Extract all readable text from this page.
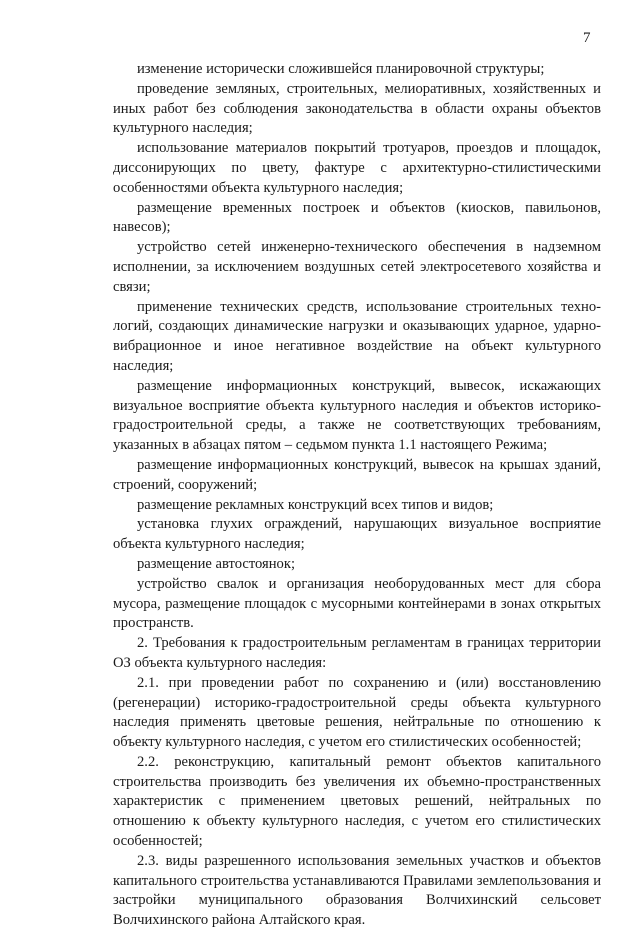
7

изменение исторически сложившейся планировочной структуры;

проведение земляных, строительных, мелиоративных, хозяйственных и иных работ без соблюдения законодательства в области охраны объектов культурного наследия;

использование материалов покрытий тротуаров, проездов и площадок, диссонирующих по цвету, фактуре с архитектурно-стилистическими особенностями объекта культурного наследия;

размещение временных построек и объектов (киосков, павильонов, навесов);

устройство сетей инженерно-технического обеспечения в надземном исполнении, за исключением воздушных сетей электросетевого хозяйства и связи;

применение технических средств, использование строительных технологий, создающих динамические нагрузки и оказывающих ударное, ударно-вибрационное и иное негативное воздействие на объект культурного наследия;

размещение информационных конструкций, вывесок, искажающих визуальное восприятие объекта культурного наследия и объектов историко-градостроительной среды, а также не соответствующих требованиям, указанных в абзацах пятом – седьмом пункта 1.1 настоящего Режима;

размещение информационных конструкций, вывесок на крышах зданий, строений, сооружений;

размещение рекламных конструкций всех типов и видов;

установка глухих ограждений, нарушающих визуальное восприятие объекта культурного наследия;

размещение автостоянок;

устройство свалок и организация необорудованных мест для сбора мусора, размещение площадок с мусорными контейнерами в зонах открытых пространств.

2. Требования к градостроительным регламентам в границах территории ОЗ объекта культурного наследия:

2.1. при проведении работ по сохранению и (или) восстановлению (регенерации) историко-градостроительной среды объекта культурного наследия применять цветовые решения, нейтральные по отношению к объекту культурного наследия, с учетом его стилистических особенностей;

2.2. реконструкцию, капитальный ремонт объектов капитального строительства производить без увеличения их объемно-пространственных характеристик с применением цветовых решений, нейтральных по отношению к объекту культурного наследия, с учетом его стилистических особенностей;

2.3. виды разрешенного использования земельных участков и объектов капитального строительства устанавливаются Правилами землепользования и застройки муниципального образования Волчихинский сельсовет Волчихинского района Алтайского края.
